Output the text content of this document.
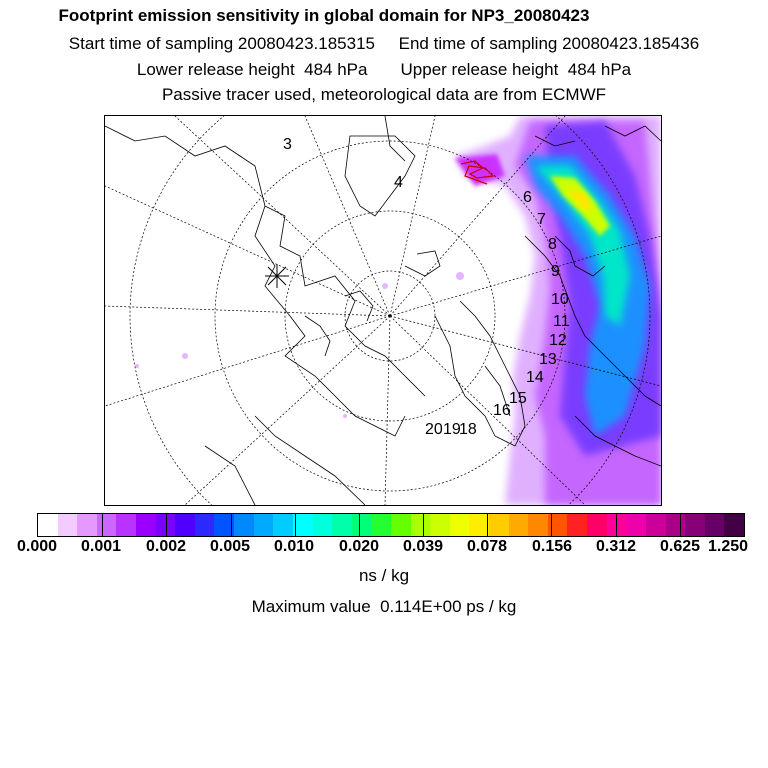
Footprint emission sensitivity in global domain for NP3_20080423
Start time of sampling 20080423.185315     End time of sampling 20080423.185436
Lower release height  484 hPa       Upper release height  484 hPa
Passive tracer used, meteorological data are from ECMWF
3
4
6
7
8
9
10
11
12
13
14
15
16
18
19
20
0.000 0.001 0.002 0.005 0.010 0.020 0.039 0.078 0.156 0.312 0.625 1.250
ns / kg
Maximum value  0.114E+00 ps / kg
